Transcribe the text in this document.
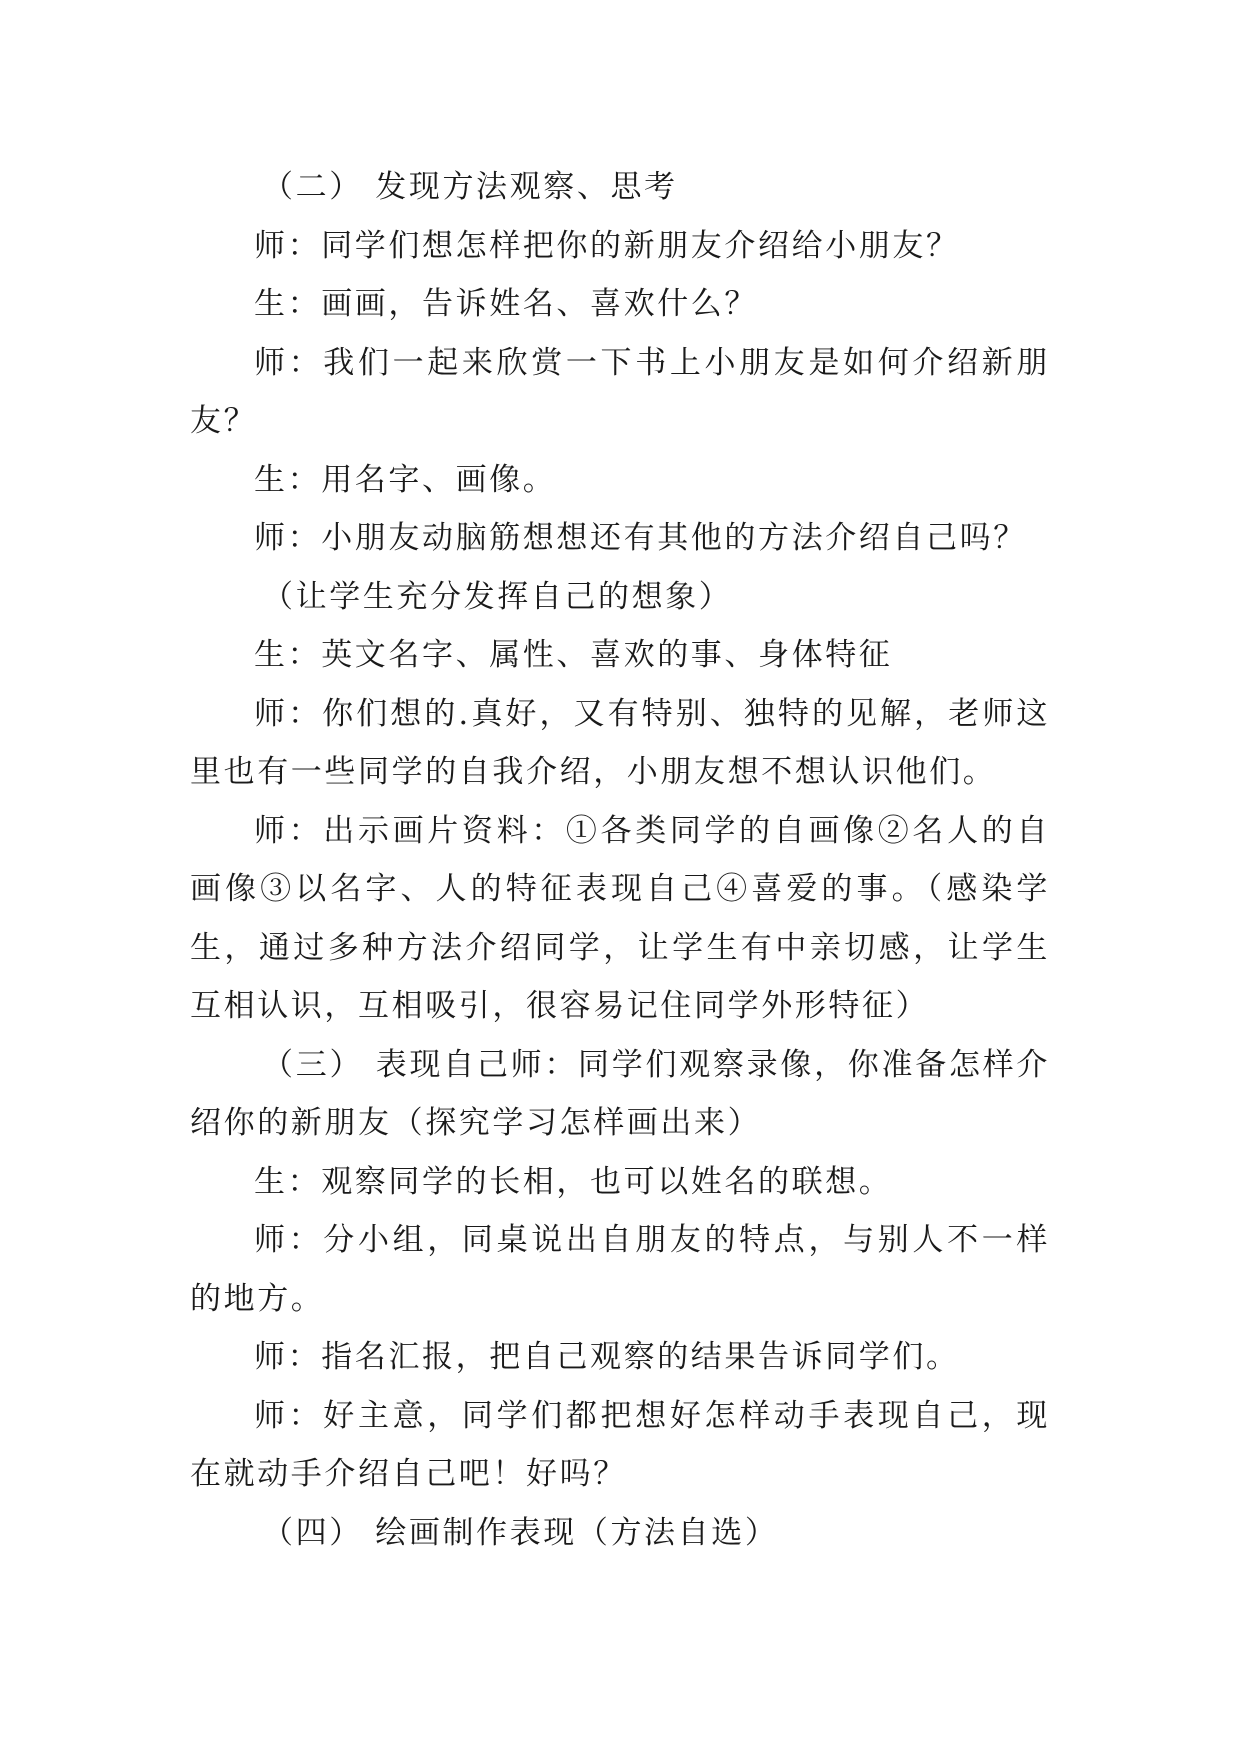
（二） 发现方法观察、思考

师：同学们想怎样把你的新朋友介绍给小朋友？

生：画画，告诉姓名、喜欢什么？

师：我们一起来欣赏一下书上小朋友是如何介绍新朋友？

生：用名字、画像。

师：小朋友动脑筋想想还有其他的方法介绍自己吗？

（让学生充分发挥自己的想象）

生：英文名字、属性、喜欢的事、身体特征

师：你们想的.真好，又有特别、独特的见解，老师这里也有一些同学的自我介绍，小朋友想不想认识他们。

师：出示画片资料：①各类同学的自画像②名人的自画像③以名字、人的特征表现自己④喜爱的事。（感染学生，通过多种方法介绍同学，让学生有中亲切感，让学生互相认识，互相吸引，很容易记住同学外形特征）

（三） 表现自己师：同学们观察录像，你准备怎样介绍你的新朋友（探究学习怎样画出来）

生：观察同学的长相，也可以姓名的联想。

师：分小组，同桌说出自朋友的特点，与别人不一样的地方。

师：指名汇报，把自己观察的结果告诉同学们。

师：好主意，同学们都把想好怎样动手表现自己，现在就动手介绍自己吧！好吗？

（四） 绘画制作表现（方法自选）
